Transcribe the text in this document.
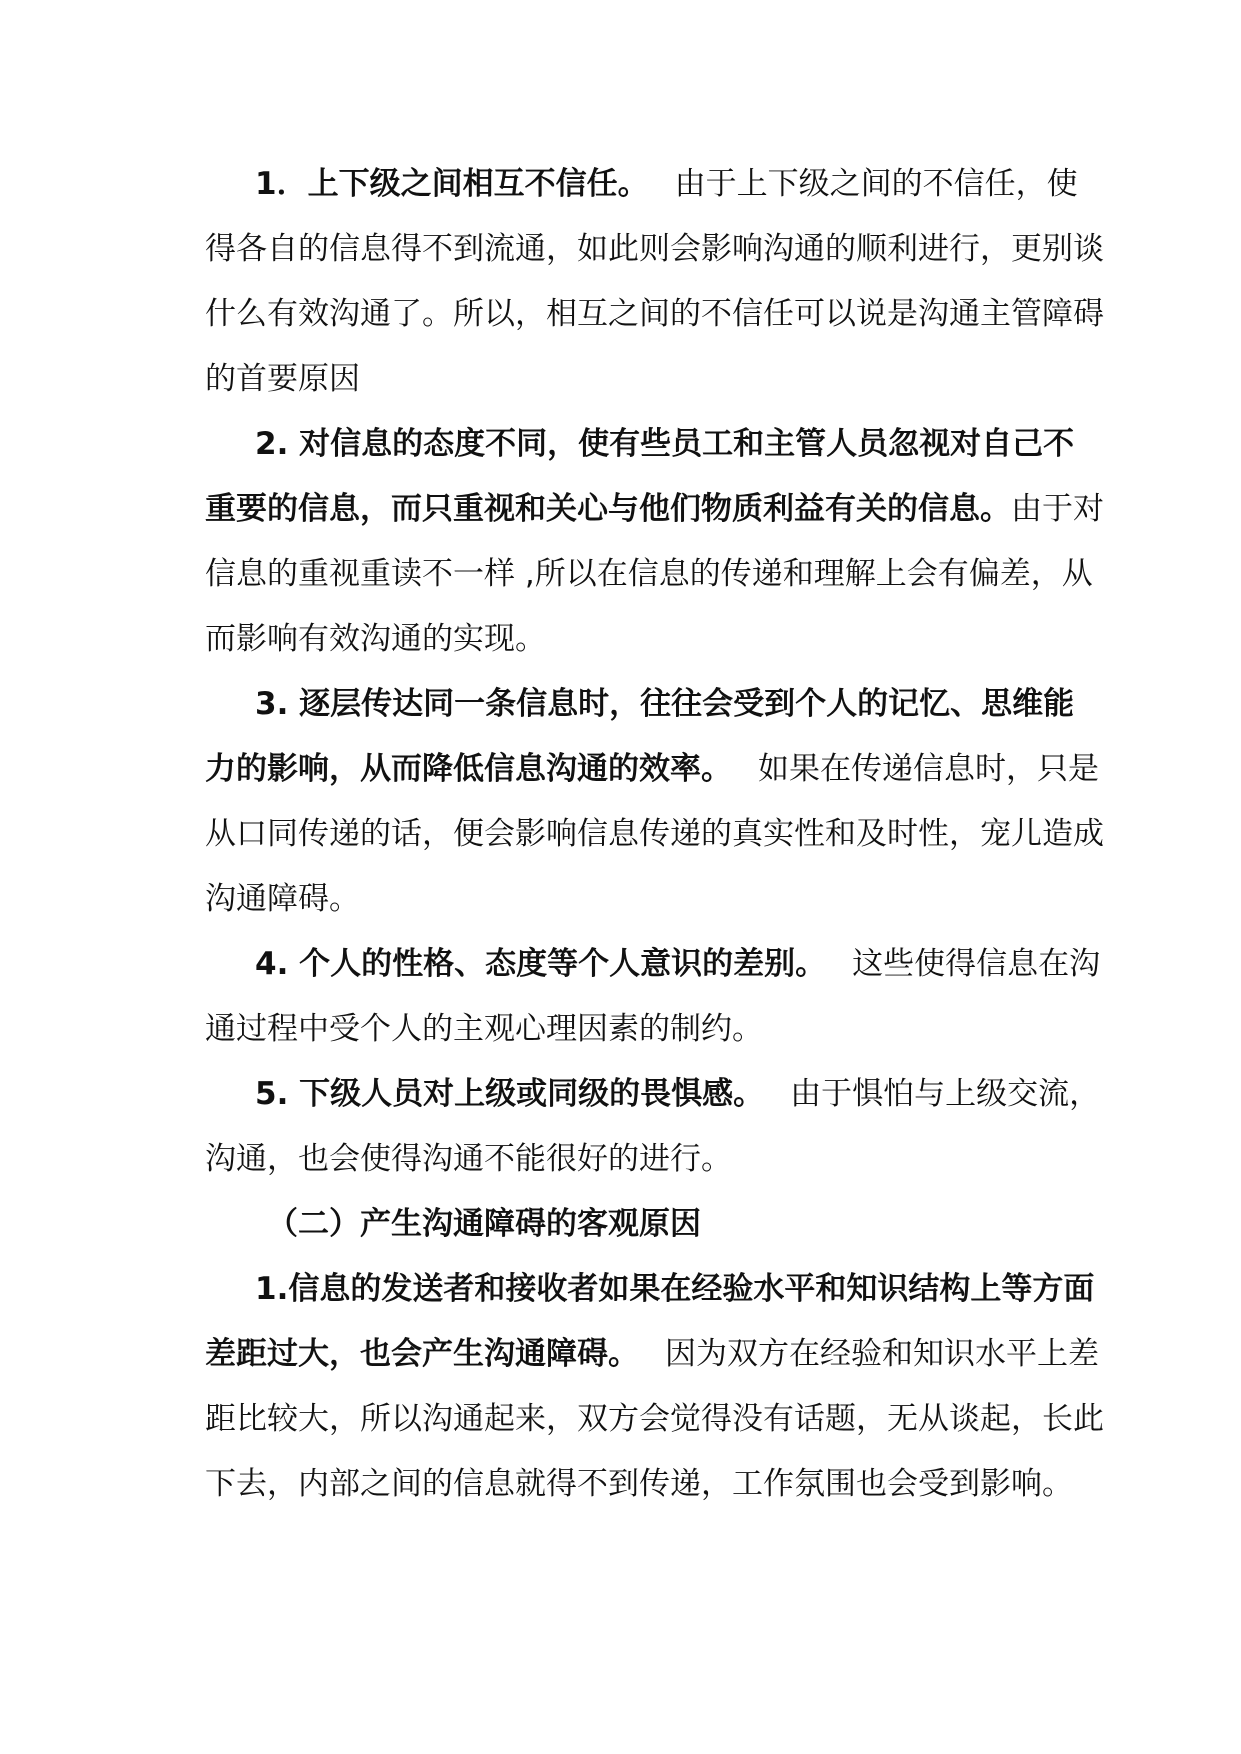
1．上下级之间相互不信任。 由于上下级之间的不信任，使得各自的信息得不到流通，如此则会影响沟通的顺利进行，更别谈什么有效沟通了。所以，相互之间的不信任可以说是沟通主管障碍的首要原因

2. 对信息的态度不同，使有些员工和主管人员忽视对自己不重要的信息，而只重视和关心与他们物质利益有关的信息。由于对信息的重视重读不一样 ,所以在信息的传递和理解上会有偏差，从而影响有效沟通的实现。

3. 逐层传达同一条信息时，往往会受到个人的记忆、思维能力的影响，从而降低信息沟通的效率。 如果在传递信息时，只是从口同传递的话，便会影响信息传递的真实性和及时性，宠儿造成沟通障碍。

4. 个人的性格、态度等个人意识的差别。 这些使得信息在沟通过程中受个人的主观心理因素的制约。

5. 下级人员对上级或同级的畏惧感。 由于惧怕与上级交流，沟通，也会使得沟通不能很好的进行。

（二）产生沟通障碍的客观原因

1.信息的发送者和接收者如果在经验水平和知识结构上等方面差距过大，也会产生沟通障碍。 因为双方在经验和知识水平上差距比较大，所以沟通起来，双方会觉得没有话题，无从谈起，长此下去，内部之间的信息就得不到传递，工作氛围也会受到影响。
